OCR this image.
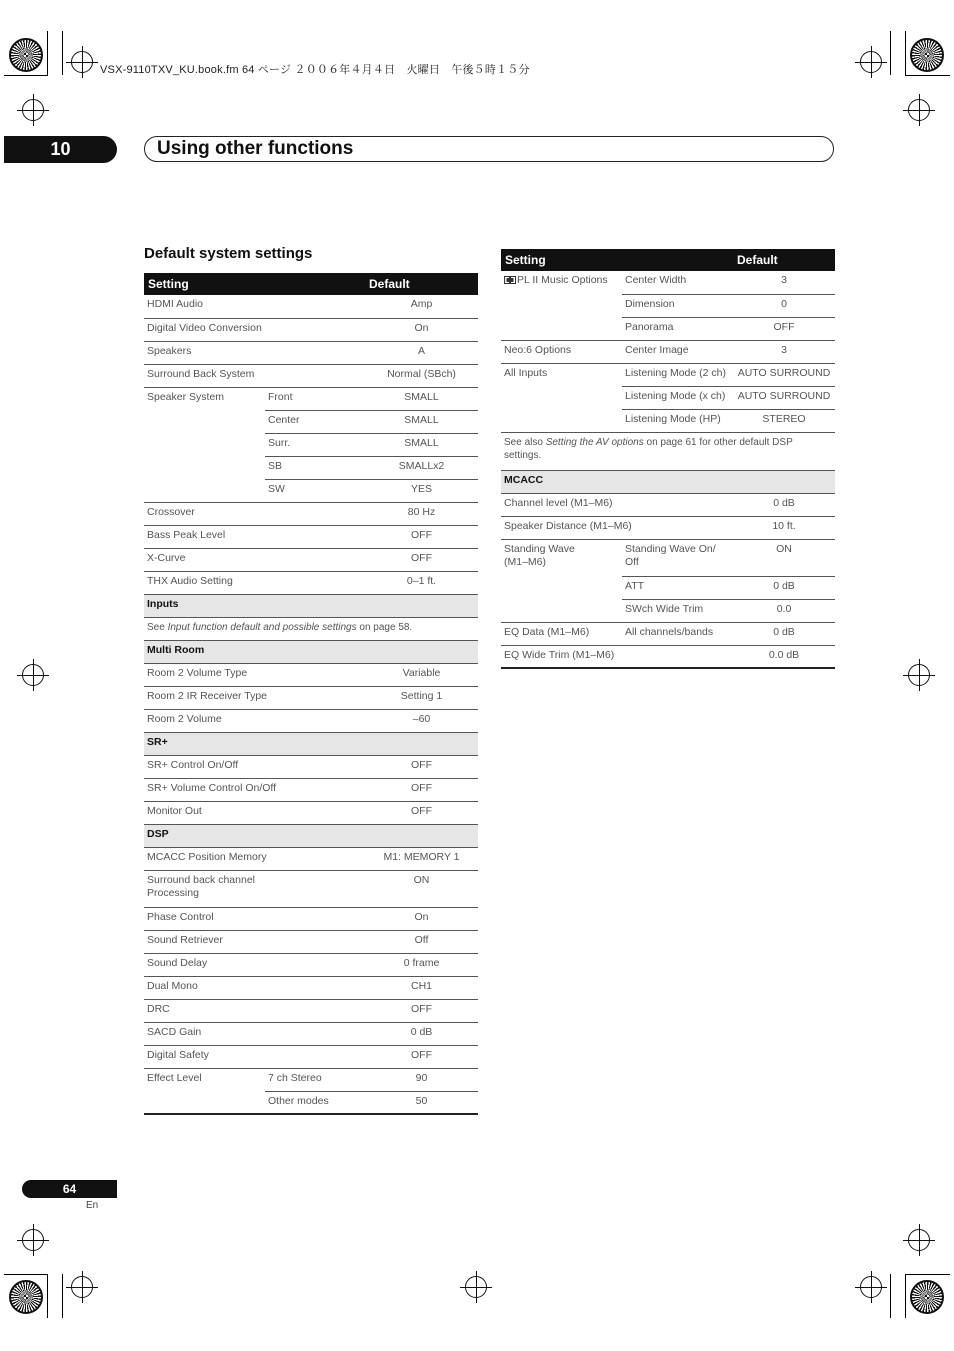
VSX-9110TXV_KU.book.fm 64 ページ ２００６年４月４日　火曜日　午後５時１５分
10	Using other functions
Default system settings
Setting		Default
HDMI Audio		Amp
Digital Video Conversion		On
Speakers		A
Surround Back System		Normal (SBch)
Speaker System	Front	SMALL
	Center	SMALL
	Surr.	SMALL
	SB	SMALLx2
	SW	YES
Crossover		80 Hz
Bass Peak Level		OFF
X-Curve		OFF
THX Audio Setting		0–1 ft.
Inputs		
See Input function default and possible settings on page 58.		
Multi Room		
Room 2 Volume Type		Variable
Room 2 IR Receiver Type		Setting 1
Room 2 Volume		–60
SR+		
SR+ Control On/Off		OFF
SR+ Volume Control On/Off		OFF
Monitor Out		OFF
DSP		
MCACC Position Memory		M1: MEMORY 1
Surround back channel Processing		ON
Phase Control		On
Sound Retriever		Off
Sound Delay		0 frame
Dual Mono		CH1
DRC		OFF
SACD Gain		0 dB
Digital Safety		OFF
Effect Level	7 ch Stereo	90
	Other modes	50
Setting		Default
PL II Music Options	Center Width	3
	Dimension	0
	Panorama	OFF
Neo:6 Options	Center Image	3
All Inputs	Listening Mode (2 ch)	AUTO SURROUND
	Listening Mode (x ch)	AUTO SURROUND
	Listening Mode (HP)	STEREO
See also Setting the AV options on page 61 for other default DSP settings.		
MCACC		
Channel level (M1–M6)		0 dB
Speaker Distance (M1–M6)		10 ft.
Standing Wave (M1–M6)	Standing Wave On/ Off	ON
	ATT	0 dB
	SWch Wide Trim	0.0
EQ Data (M1–M6)	All channels/bands	0 dB
EQ Wide Trim (M1–M6)		0.0 dB
64
En
